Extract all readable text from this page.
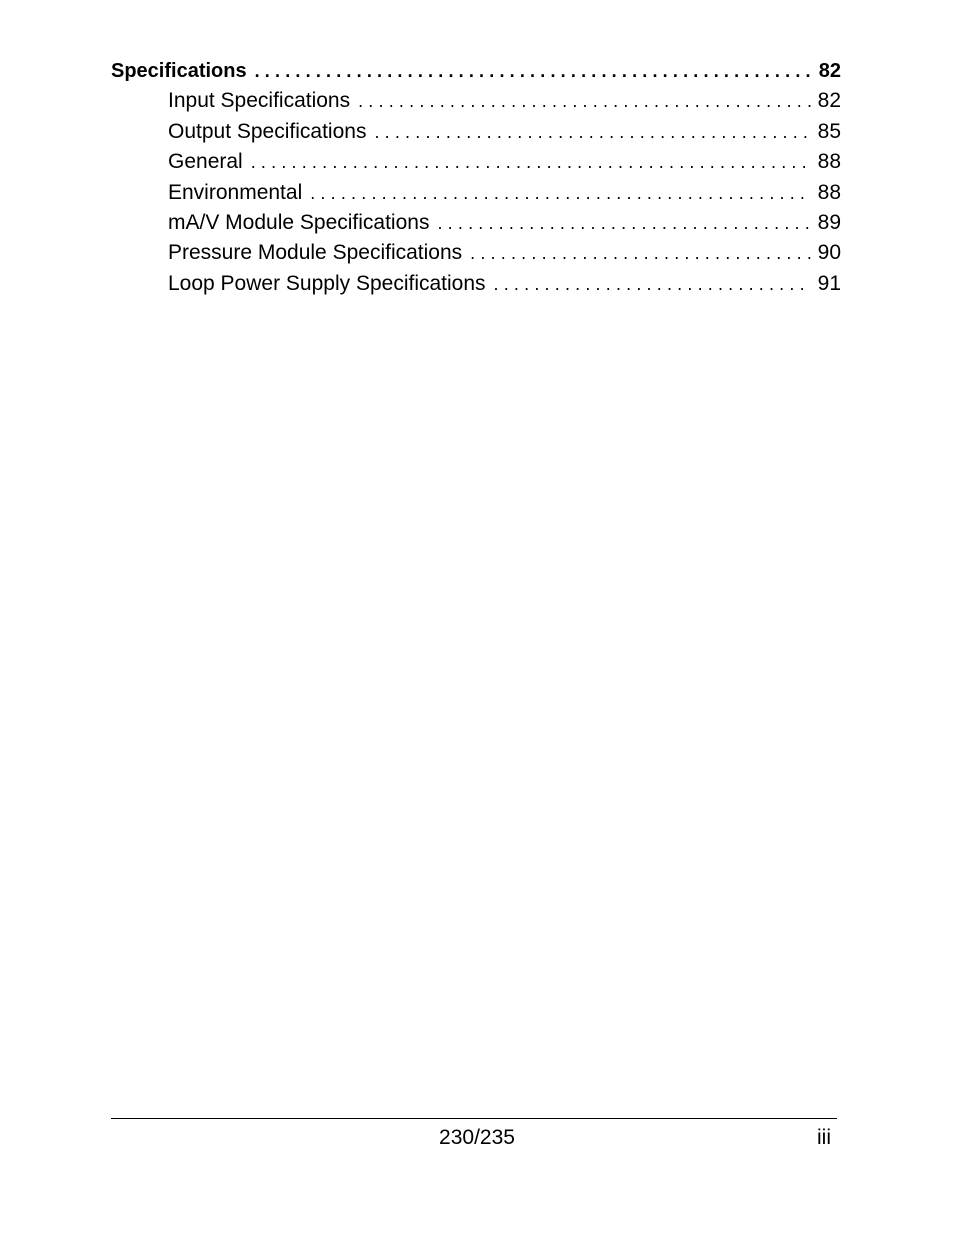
Specifications . . .	82
Input Specifications . . .	82
Output Specifications . . .	85
General . . .	88
Environmental . . .	88
mA/V Module Specifications . . .	89
Pressure Module Specifications . . .	90
Loop Power Supply Specifications . . .	91
230/235	iii
